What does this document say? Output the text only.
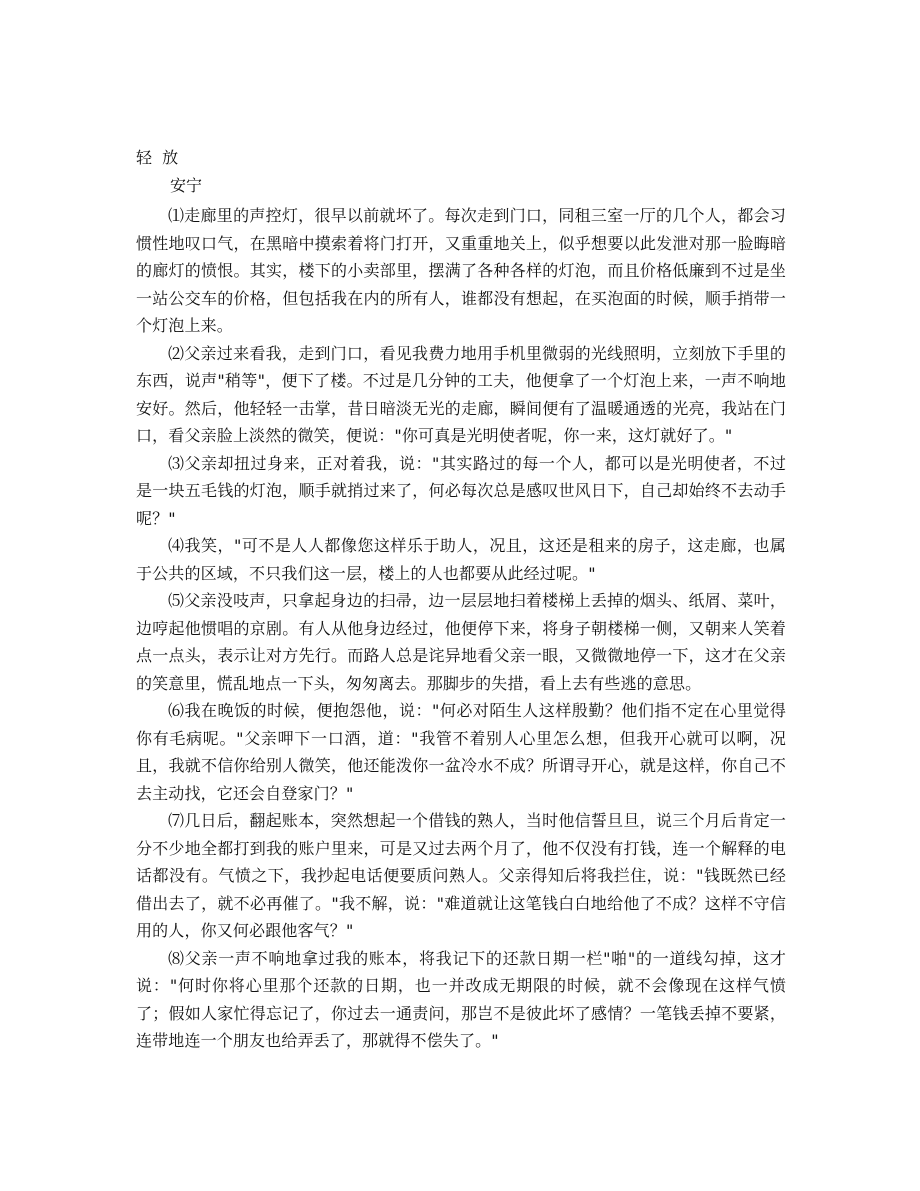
轻  放
安宁

⑴走廊里的声控灯，很早以前就坏了。每次走到门口，同租三室一厅的几个人，都会习惯性地叹口气，在黑暗中摸索着将门打开，又重重地关上，似乎想要以此发泄对那一脸晦暗的廊灯的愤恨。其实，楼下的小卖部里，摆满了各种各样的灯泡，而且价格低廉到不过是坐一站公交车的价格，但包括我在内的所有人，谁都没有想起，在买泡面的时候，顺手捎带一个灯泡上来。

⑵父亲过来看我，走到门口，看见我费力地用手机里微弱的光线照明，立刻放下手里的东西，说声"稍等"，便下了楼。不过是几分钟的工夫，他便拿了一个灯泡上来，一声不响地安好。然后，他轻轻一击掌，昔日暗淡无光的走廊，瞬间便有了温暖通透的光亮，我站在门口，看父亲脸上淡然的微笑，便说："你可真是光明使者呢，你一来，这灯就好了。"

⑶父亲却扭过身来，正对着我，说："其实路过的每一个人，都可以是光明使者，不过是一块五毛钱的灯泡，顺手就捎过来了，何必每次总是感叹世风日下，自己却始终不去动手呢？"

⑷我笑，"可不是人人都像您这样乐于助人，况且，这还是租来的房子，这走廊，也属于公共的区域，不只我们这一层，楼上的人也都要从此经过呢。"

⑸父亲没吱声，只拿起身边的扫帚，边一层层地扫着楼梯上丢掉的烟头、纸屑、菜叶，边哼起他惯唱的京剧。有人从他身边经过，他便停下来，将身子朝楼梯一侧，又朝来人笑着点一点头，表示让对方先行。而路人总是诧异地看父亲一眼，又微微地停一下，这才在父亲的笑意里，慌乱地点一下头，匆匆离去。那脚步的失措，看上去有些逃的意思。

⑹我在晚饭的时候，便抱怨他，说："何必对陌生人这样殷勤？他们指不定在心里觉得你有毛病呢。"父亲呷下一口酒，道："我管不着别人心里怎么想，但我开心就可以啊，况且，我就不信你给别人微笑，他还能泼你一盆冷水不成？所谓寻开心，就是这样，你自己不去主动找，它还会自登家门？"

⑺几日后，翻起账本，突然想起一个借钱的熟人，当时他信誓旦旦，说三个月后肯定一分不少地全都打到我的账户里来，可是又过去两个月了，他不仅没有打钱，连一个解释的电话都没有。气愤之下，我抄起电话便要质问熟人。父亲得知后将我拦住，说："钱既然已经借出去了，就不必再催了。"我不解，说："难道就让这笔钱白白地给他了不成？这样不守信用的人，你又何必跟他客气？"

⑻父亲一声不响地拿过我的账本，将我记下的还款日期一栏"啪"的一道线勾掉，这才说："何时你将心里那个还款的日期，也一并改成无期限的时候，就不会像现在这样气愤了；假如人家忙得忘记了，你过去一通责问，那岂不是彼此坏了感情？一笔钱丢掉不要紧，连带地连一个朋友也给弄丢了，那就得不偿失了。"
